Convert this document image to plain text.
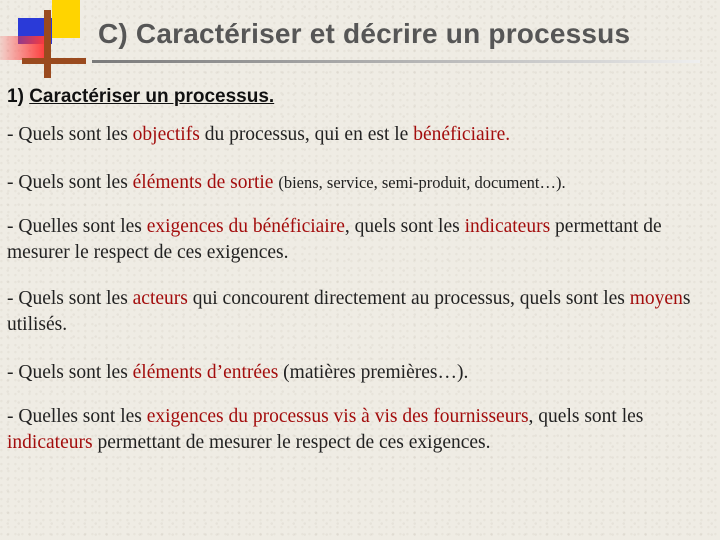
C) Caractériser et décrire un processus

1) Caractériser un processus.

- Quels sont les objectifs du processus, qui en est le bénéficiaire.

- Quels sont les éléments de sortie (biens, service, semi-produit, document…).

- Quelles sont les exigences du bénéficiaire, quels sont les indicateurs permettant de mesurer le respect de ces exigences.

- Quels sont les acteurs qui concourent directement au processus, quels sont les moyens utilisés.

- Quels sont les éléments d’entrées (matières premières…).

- Quelles sont les exigences du processus vis à vis des fournisseurs, quels sont les indicateurs permettant de mesurer le respect de ces exigences.
